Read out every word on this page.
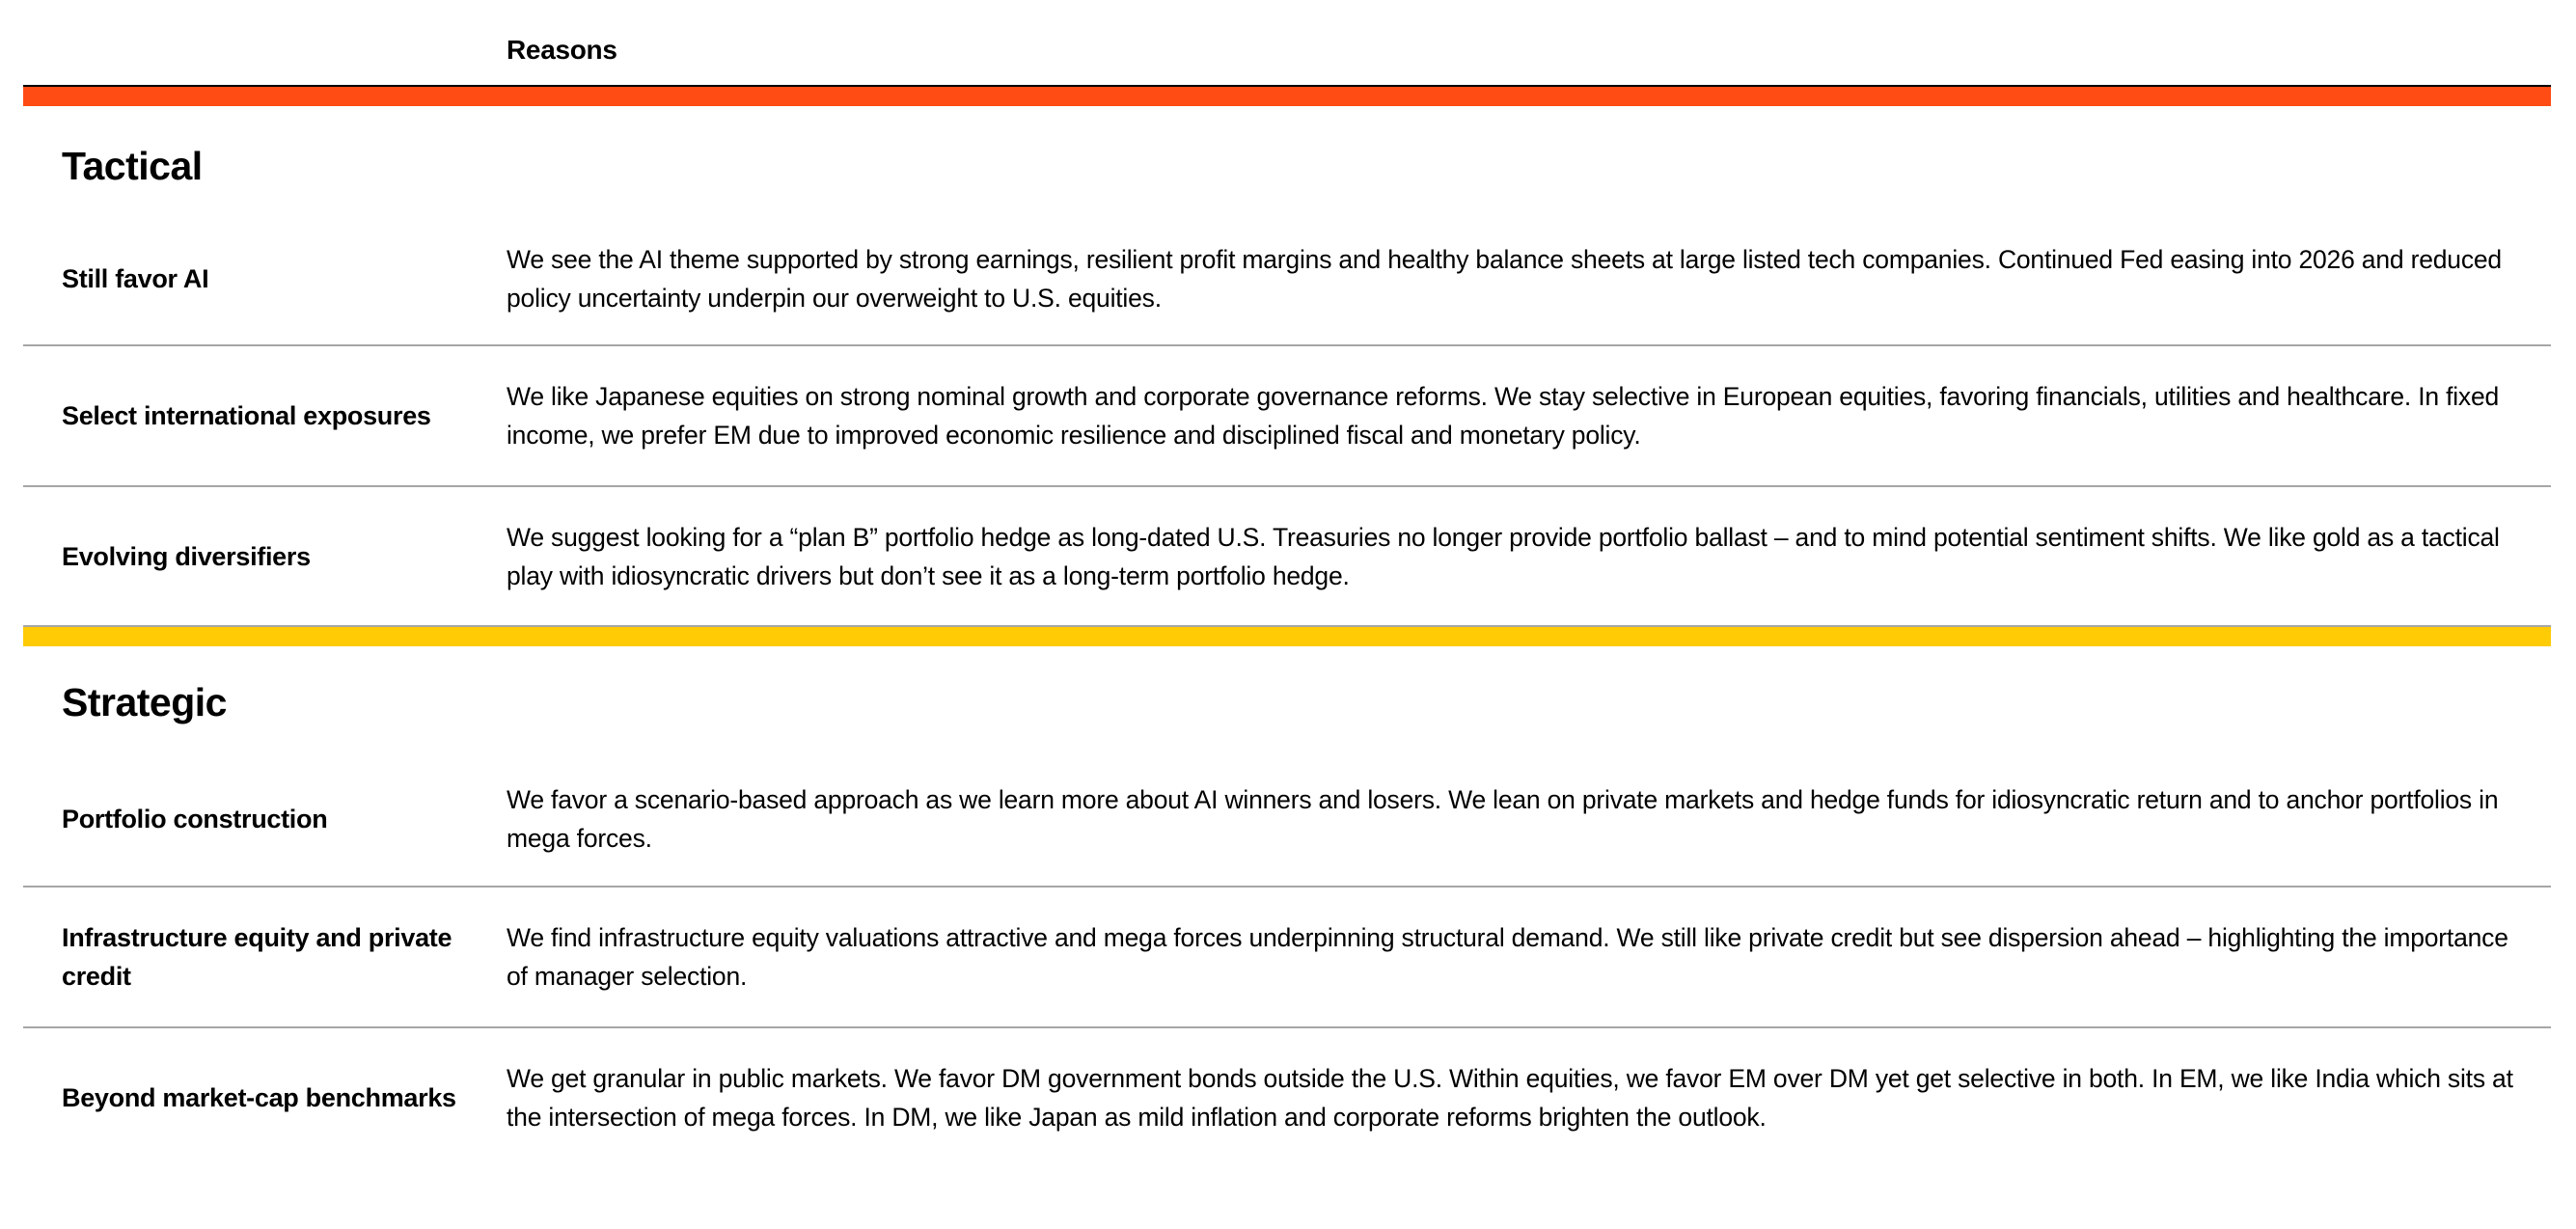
Reasons
Tactical
Still favor AI
We see the AI theme supported by strong earnings, resilient profit margins and healthy balance sheets at large listed tech companies. Continued Fed easing into 2026 and reduced policy uncertainty underpin our overweight to U.S. equities.
Select international exposures
We like Japanese equities on strong nominal growth and corporate governance reforms. We stay selective in European equities, favoring financials, utilities and healthcare. In fixed income, we prefer EM due to improved economic resilience and disciplined fiscal and monetary policy.
Evolving diversifiers
We suggest looking for a “plan B” portfolio hedge as long-dated U.S. Treasuries no longer provide portfolio ballast – and to mind potential sentiment shifts. We like gold as a tactical play with idiosyncratic drivers but don’t see it as a long-term portfolio hedge.
Strategic
Portfolio construction
We favor a scenario-based approach as we learn more about AI winners and losers. We lean on private markets and hedge funds for idiosyncratic return and to anchor portfolios in mega forces.
Infrastructure equity and private credit
We find infrastructure equity valuations attractive and mega forces underpinning structural demand. We still like private credit but see dispersion ahead – highlighting the importance of manager selection.
Beyond market-cap benchmarks
We get granular in public markets. We favor DM government bonds outside the U.S. Within equities, we favor EM over DM yet get selective in both. In EM, we like India which sits at the intersection of mega forces. In DM, we like Japan as mild inflation and corporate reforms brighten the outlook.
